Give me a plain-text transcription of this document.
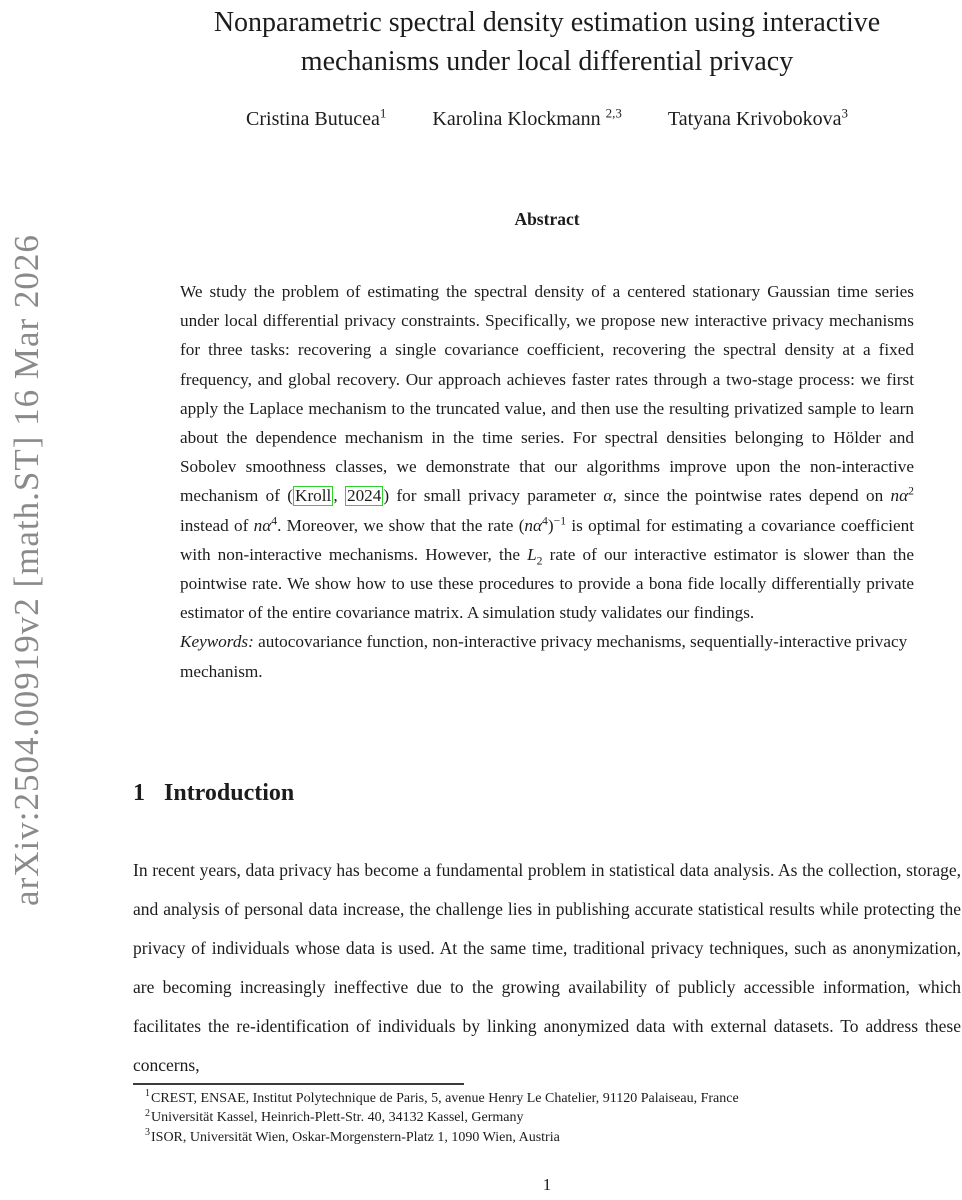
arXiv:2504.00919v2 [math.ST] 16 Mar 2026
Nonparametric spectral density estimation using interactive
mechanisms under local differential privacy
Cristina Butucea$^1$ Karolina Klockmann $^{2,3}$ Tatyana Krivobokova$^3$
Abstract

We study the problem of estimating the spectral density of a centered stationary Gaussian time series under local differential privacy constraints. Specifically, we propose new interactive privacy mechanisms for three tasks: recovering a single covariance coefficient, recovering the spectral density at a fixed frequency, and global recovery. Our approach achieves faster rates through a two-stage process: we first apply the Laplace mechanism to the truncated value, and then use the resulting privatized sample to learn about the dependence mechanism in the time series. For spectral densities belonging to Hölder and Sobolev smoothness classes, we demonstrate that our algorithms improve upon the non-interactive mechanism of ( Kroll , 2024 ) for small privacy parameter α, since the pointwise rates depend on $n\alpha^2$ instead of $n\alpha^4$. Moreover, we show that the rate $(n\alpha^4)^{-1}$ is optimal for estimating a covariance coefficient with non-interactive mechanisms. However, the $L_2$ rate of our interactive estimator is slower than the pointwise rate. We show how to use these procedures to provide a bona fide locally differentially private estimator of the entire covariance matrix. A simulation study validates our findings.

Keywords: autocovariance function, non-interactive privacy mechanisms, sequentially-interactive privacy mechanism.

1 Introduction

In recent years, data privacy has become a fundamental problem in statistical data analysis. As the collection, storage, and analysis of personal data increase, the challenge lies in publishing accurate statistical results while protecting the privacy of individuals whose data is used. At the same time, traditional privacy techniques, such as anonymization, are becoming increasingly ineffective due to the growing availability of publicly accessible information, which facilitates the re-identification of individuals by linking anonymized data with external datasets. To address these concerns,

$^1$CREST, ENSAE, Institut Polytechnique de Paris, 5, avenue Henry Le Chatelier, 91120 Palaiseau, France
$^2$Universität Kassel, Heinrich-Plett-Str. 40, 34132 Kassel, Germany
$^3$ISOR, Universität Wien, Oskar-Morgenstern-Platz 1, 1090 Wien, Austria
1
